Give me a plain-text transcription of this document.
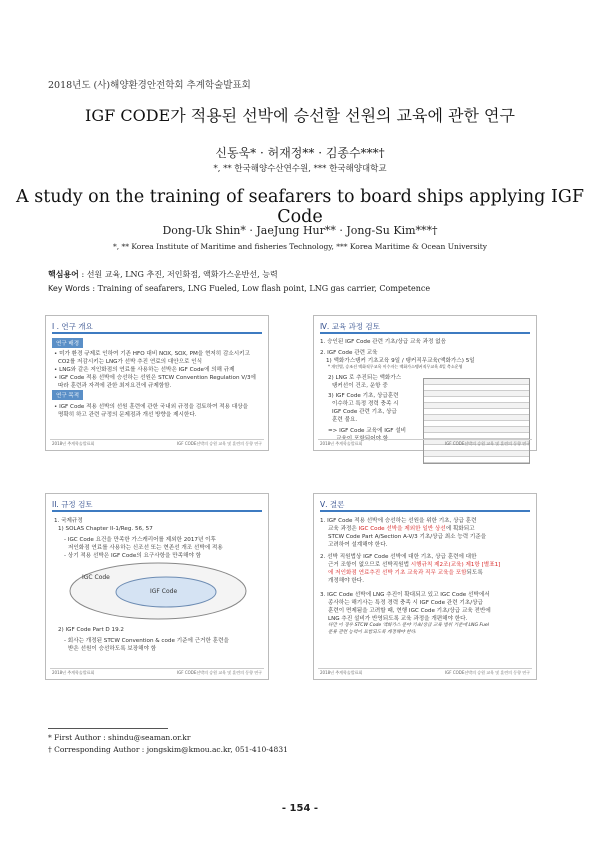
2018년도 (사)해양환경안전학회 추계학술발표회
IGF CODE가 적용된 선박에 승선할 선원의 교육에 관한 연구
신동욱* · 허재정** · 김종수***†
*, ** 한국해양수산연수원, *** 한국해양대학교
A study on the training of seafarers to board ships applying IGF Code
Dong-Uk Shin* · JaeJung Hur** · Jong-Su Kim***†
*, ** Korea Institute of Maritime and fisheries Technology, *** Korea Maritime & Ocean University
핵심용어 : 선원 교육, LNG 추진, 저인화점, 액화가스운반선, 능력
Key Words : Training of seafarers, LNG Fueled, Low flash point, LNG gas carrier, Competence
I . 연구 개요
연구 배경
• 미가 환경 규제로 인하여 기존 HFO 대비 NOX, SOX, PM을 현저히 감소시키고
CO2를 저감시키는 LNG가 선박 추진 연료의 대안으로 인식
• LNG와 같은 저인화점의 연료를 사용하는 선박은 IGF Code에 의해 규제
• IGF Code 적용 선박에 승선하는 선원은 STCW Convention Regulation V/3에
따라 훈련과 자격에 관한 최저요건에 규제함함.
연구 목적
• IGF Code 적용 선박의 선원 훈련에 관한 국내외 규정을 검토하여 적용 대상을
명확히 하고 관련 규정의 문제점과 개선 방향을 제시한다.
2018년 추계학술발표회	IGF CODE선박의 승원 교육 및 훈련의 동향 연구
Ⅳ. 교육 과정 검토
1. 승인된 IGF Code 관련 기초/상급 교육 과정 없음
2. IGF Code 관련 교육
1) 액화가스탱커 기초교육 9일 / 탱커직무교육(액화가스) 5일
* 개인별, 승조선 액화직무교육 이수자는 액화가스탱커직무교육 4일 축소운영
2) LNG 로 추진되는 액화가스
탱커선이 건조, 운항 중
3) IGF Code 기초, 상급훈련
이수하고 특정 경력 충족 시
IGF Code 관련 기초, 상급
훈련 불요.
=> IGF Code 교육에 IGF 설비
교육이 포함되어야 함.
2018년 추계학술발표회	IGF CODE선박의 승원 교육 및 훈련의 동향 연구
II. 규정 검토
1. 국제규정
1) SOLAS Chapter II-1/Reg. 56, 57
- IGC Code 요건을 만족한 가스캐리어를 제외한 2017년 이후
저인화점 연료를 사용하는 신조선 또는 현존선 개조 선박에 적용
- 상기 적용 선박은 IGF Code의 요구사항을 만족해야 함
IGC Code
IGF Code
2) IGF Code Part D 19.2
- 회사는 개정된 STCW Convention & code 기준에 근거한 훈련을
받은 선원이 승선하도록 보장해야 함
2018년 추계학술발표회	IGF CODE선박의 승원 교육 및 훈련의 동향 연구
Ⅴ. 결론
1. IGF Code 적용 선박에 승선하는 선원을 위한 기초, 상급 훈련
교육 과정은 IGC Code 선박을 제외한 일반 상선에 획화되고
STCW Code Part A/Section A-V/3 기초/상급 최소 능력 기준을
고려하여 설계해야 한다.
2. 선박 직원법상 IGF Code 선박에 대한 기초, 상급 훈련에 대한
근거 조항이 없으므로 선박직원법 시행규칙 제2조(교육) 제1항 [별표1]
에 저인화점 연료추진 선박 기초 교육과 직무 교육을 포함되도록
개정해야 한다.
3. IGC Code 선박에 LNG 추진이 확대되고 있고 IGC Code 선박에서
종사하는 해기사는 특정 경력 충족 시 IGF Code 관련 기초/상급
훈련이 면제됨을 고려할 때, 현행 IGC Code 기초/상급 교육 전반에
LNG 추진 설비가 반영되도록 교육 과정을 개편해야 한다.
다만 이 경우 STCW Code 액화가스 분야 기초/상급 교육 범위 기준에 LNG Fuel
분류 관련 능력이 포함되도록 개정해야 한다.
2018년 추계학술발표회	IGF CODE선박의 승원 교육 및 훈련의 동향 연구
* First Author : shindu@seaman.or.kr
† Corresponding Author : jongskim@kmou.ac.kr, 051-410-4831
- 154 -
